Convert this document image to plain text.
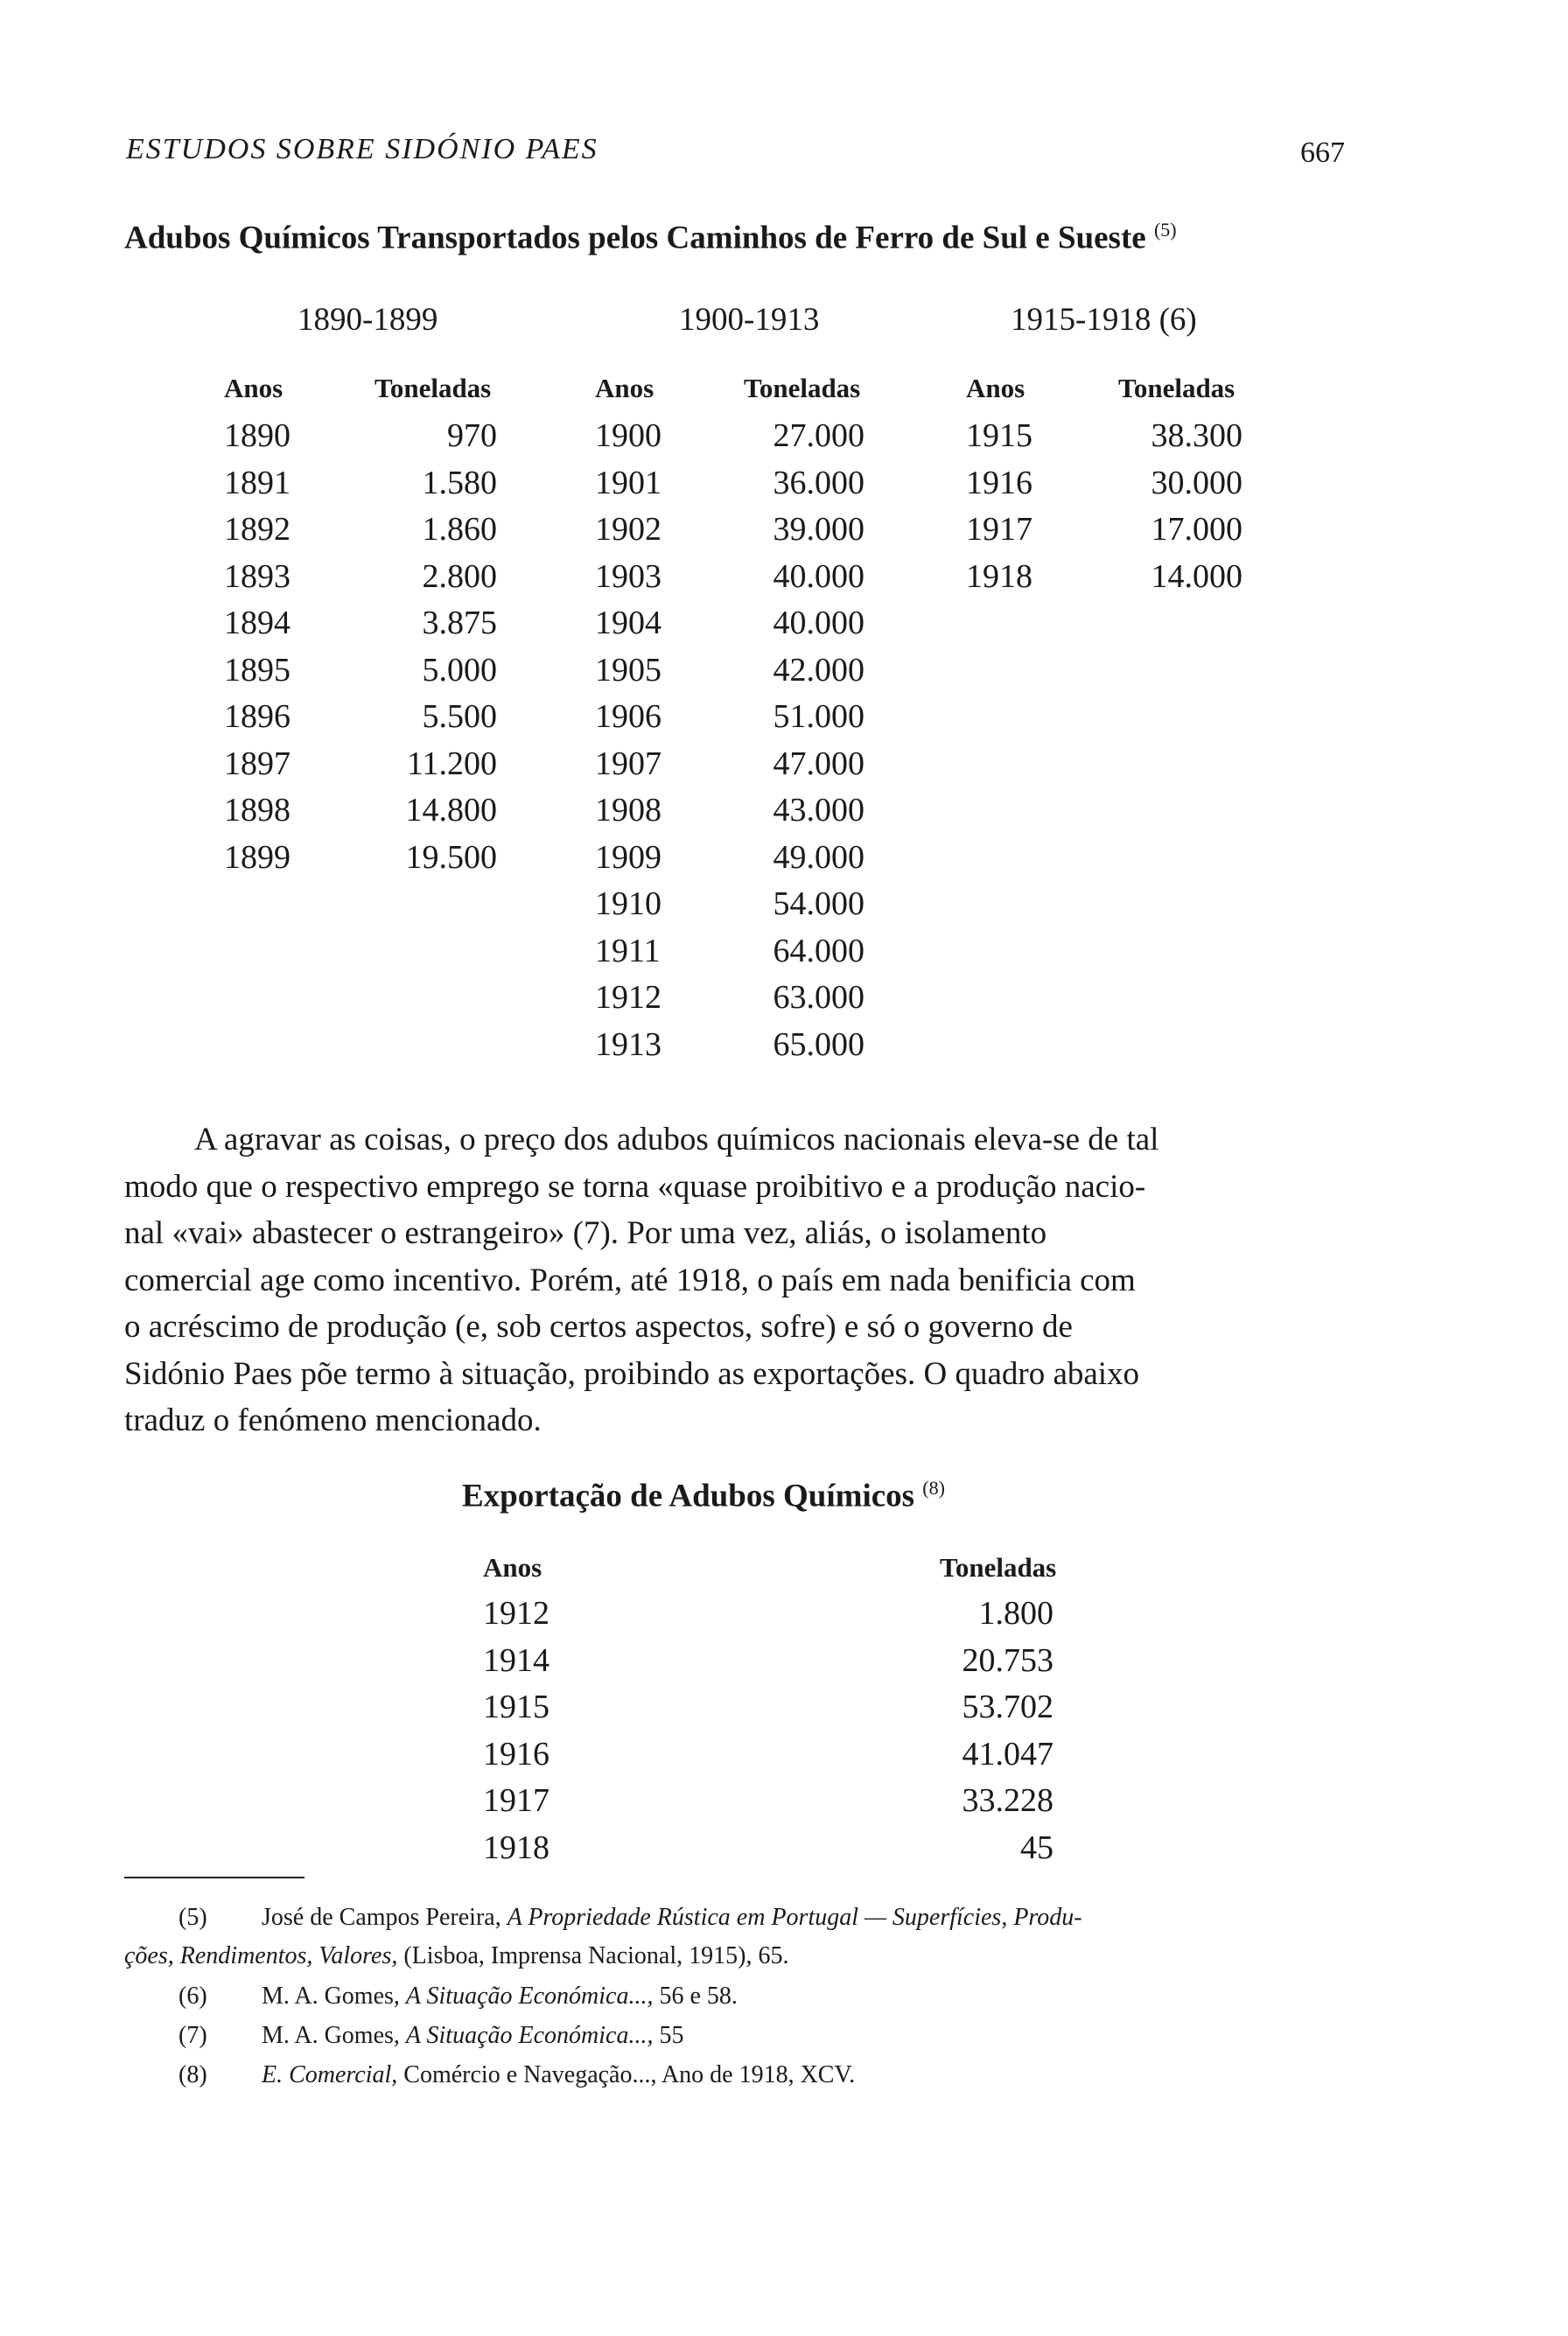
ESTUDOS SOBRE SIDÓNIO PAES	667
Adubos Químicos Transportados pelos Caminhos de Ferro de Sul e Sueste $^{(5)}$
1890-1899	1900-1913	1915-1918 (6)
Anos	Toneladas	Anos	Toneladas	Anos	Toneladas
1890	970
1891	1.580
1892	1.860
1893	2.800
1894	3.875
1895	5.000
1896	5.500
1897	11.200
1898	14.800
1899	19.500
1900	27.000
1901	36.000
1902	39.000
1903	40.000
1904	40.000
1905	42.000
1906	51.000
1907	47.000
1908	43.000
1909	49.000
1910	54.000
1911	64.000
1912	63.000
1913	65.000
1915	38.300
1916	30.000
1917	17.000
1918	14.000

A agravar as coisas, o preço dos adubos químicos nacionais eleva-se de tal

modo que o respectivo emprego se torna «quase proibitivo e a produção nacio-

nal «vai» abastecer o estrangeiro» (7). Por uma vez, aliás, o isolamento

comercial age como incentivo. Porém, até 1918, o país em nada benificia com

o acréscimo de produção (e, sob certos aspectos, sofre) e só o governo de

Sidónio Paes põe termo à situação, proibindo as exportações. O quadro abaixo

traduz o fenómeno mencionado.

Exportação de Adubos Químicos $^{(8)}$
Anos	Toneladas
1912	1.800
1914	20.753
1915	53.702
1916	41.047
1917	33.228
1918	45
(5) José de Campos Pereira, A Propriedade Rústica em Portugal — Superfícies, Produ-
ções, Rendimentos, Valores, (Lisboa, Imprensa Nacional, 1915), 65.
(6) M. A. Gomes, A Situação Económica..., 56 e 58.
(7) M. A. Gomes, A Situação Económica..., 55
(8) E. Comercial, Comércio e Navegação..., Ano de 1918, XCV.
